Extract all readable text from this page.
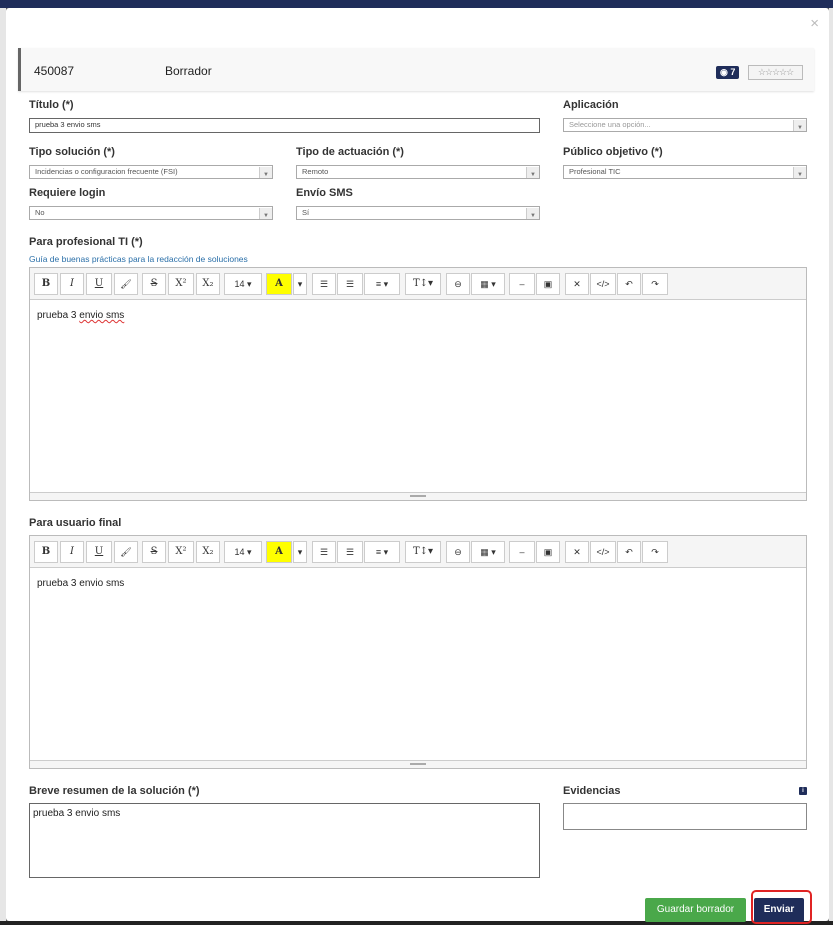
×
450087	Borrador	◉ 7	☆☆☆☆☆
Título (*)
prueba 3 envio sms
Aplicación
Seleccione una opción...	▼
Tipo solución (*)
Incidencias o configuracion frecuente (FSI)	▼
Tipo de actuación (*)
Remoto	▼
Público objetivo (*)
Profesional TIC	▼
Requiere login
No	▼
Envío SMS
Sí	▼
Para profesional TI (*)
Guía de buenas prácticas para la redacción de soluciones
B	I	U	🖌	S	X²	X₂	14 ▾	A	▾	☰	☰	≡ ▾	T↕▾	⊖	▦ ▾	–	▣	✕	</>	↶	↷
prueba 3 envio sms
Para usuario final
B	I	U	🖌	S	X²	X₂	14 ▾	A	▾	☰	☰	≡ ▾	T↕▾	⊖	▦ ▾	–	▣	✕	</>	↶	↷
prueba 3 envio sms
Breve resumen de la solución (*)
prueba 3 envio sms
Evidencias	i
Guardar borrador	Enviar
